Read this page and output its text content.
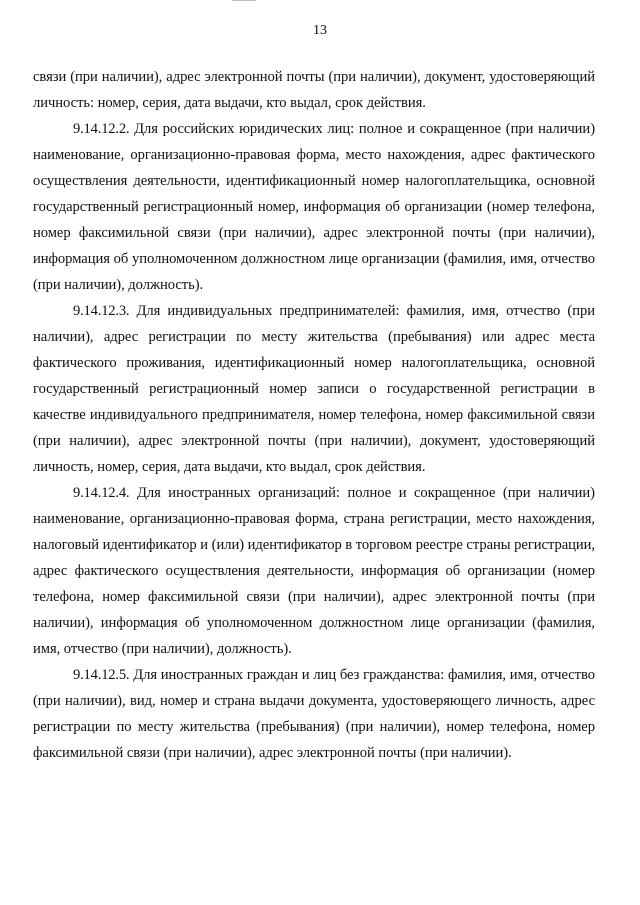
13

связи (при наличии), адрес электронной почты (при наличии), документ, удостоверяющий личность: номер, серия, дата выдачи, кто выдал, срок действия.

9.14.12.2. Для российских юридических лиц: полное и сокращенное (при наличии) наименование, организационно-правовая форма, место нахождения, адрес фактического осуществления деятельности, идентификационный номер налогоплательщика, основной государственный регистрационный номер, информация об организации (номер телефона, номер факсимильной связи (при наличии), адрес электронной почты (при наличии), информация об уполномоченном должностном лице организации (фамилия, имя, отчество (при наличии), должность).

9.14.12.3. Для индивидуальных предпринимателей: фамилия, имя, отчество (при наличии), адрес регистрации по месту жительства (пребывания) или адрес места фактического проживания, идентификационный номер налогоплательщика, основной государственный регистрационный номер записи о государственной регистрации в качестве индивидуального предпринимателя, номер телефона, номер факсимильной связи (при наличии), адрес электронной почты (при наличии), документ, удостоверяющий личность, номер, серия, дата выдачи, кто выдал, срок действия.

9.14.12.4. Для иностранных организаций: полное и сокращенное (при наличии) наименование, организационно-правовая форма, страна регистрации, место нахождения, налоговый идентификатор и (или) идентификатор в торговом реестре страны регистрации, адрес фактического осуществления деятельности, информация об организации (номер телефона, номер факсимильной связи (при наличии), адрес электронной почты (при наличии), информация об уполномоченном должностном лице организации (фамилия, имя, отчество (при наличии), должность).

9.14.12.5. Для иностранных граждан и лиц без гражданства: фамилия, имя, отчество (при наличии), вид, номер и страна выдачи документа, удостоверяющего личность, адрес регистрации по месту жительства (пребывания) (при наличии), номер телефона, номер факсимильной связи (при наличии), адрес электронной почты (при наличии).
